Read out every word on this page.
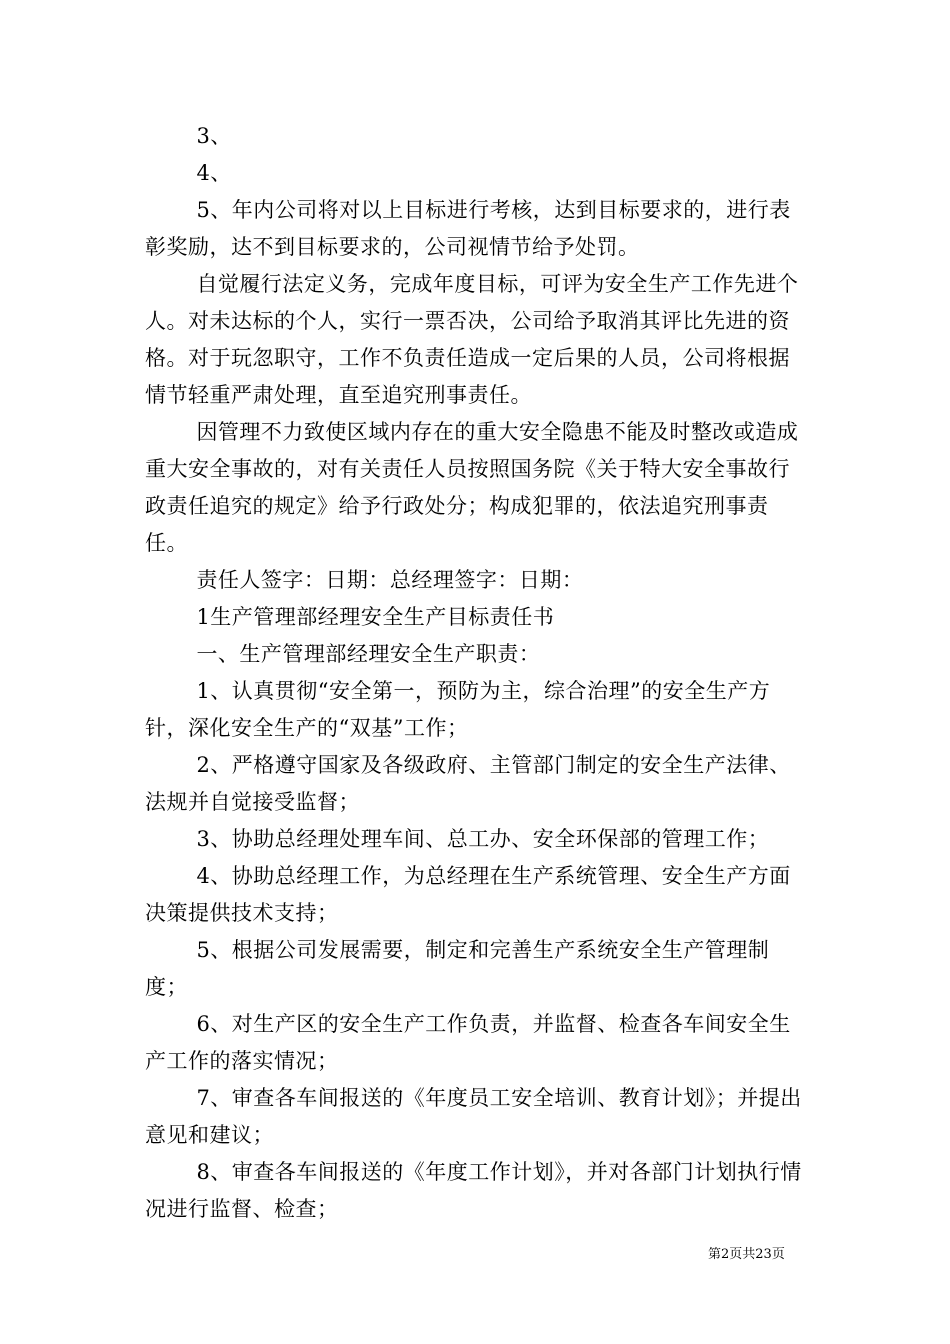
3、

4、

5、年内公司将对以上目标进行考核，达到目标要求的，进行表彰奖励，达不到目标要求的，公司视情节给予处罚。

自觉履行法定义务，完成年度目标，可评为安全生产工作先进个人。对未达标的个人，实行一票否决，公司给予取消其评比先进的资格。对于玩忽职守，工作不负责任造成一定后果的人员，公司将根据情节轻重严肃处理，直至追究刑事责任。

因管理不力致使区域内存在的重大安全隐患不能及时整改或造成重大安全事故的，对有关责任人员按照国务院《关于特大安全事故行政责任追究的规定》给予行政处分；构成犯罪的，依法追究刑事责任。

责任人签字：日期：总经理签字：日期：

1生产管理部经理安全生产目标责任书

一、生产管理部经理安全生产职责：

1、认真贯彻“安全第一，预防为主，综合治理”的安全生产方针，深化安全生产的“双基”工作；

2、严格遵守国家及各级政府、主管部门制定的安全生产法律、法规并自觉接受监督；

3、协助总经理处理车间、总工办、安全环保部的管理工作；

4、协助总经理工作，为总经理在生产系统管理、安全生产方面决策提供技术支持；

5、根据公司发展需要，制定和完善生产系统安全生产管理制度；

6、对生产区的安全生产工作负责，并监督、检查各车间安全生产工作的落实情况；

7、审查各车间报送的《年度员工安全培训、教育计划》；并提出意见和建议；

8、审查各车间报送的《年度工作计划》，并对各部门计划执行情况进行监督、检查；

第2页共23页
